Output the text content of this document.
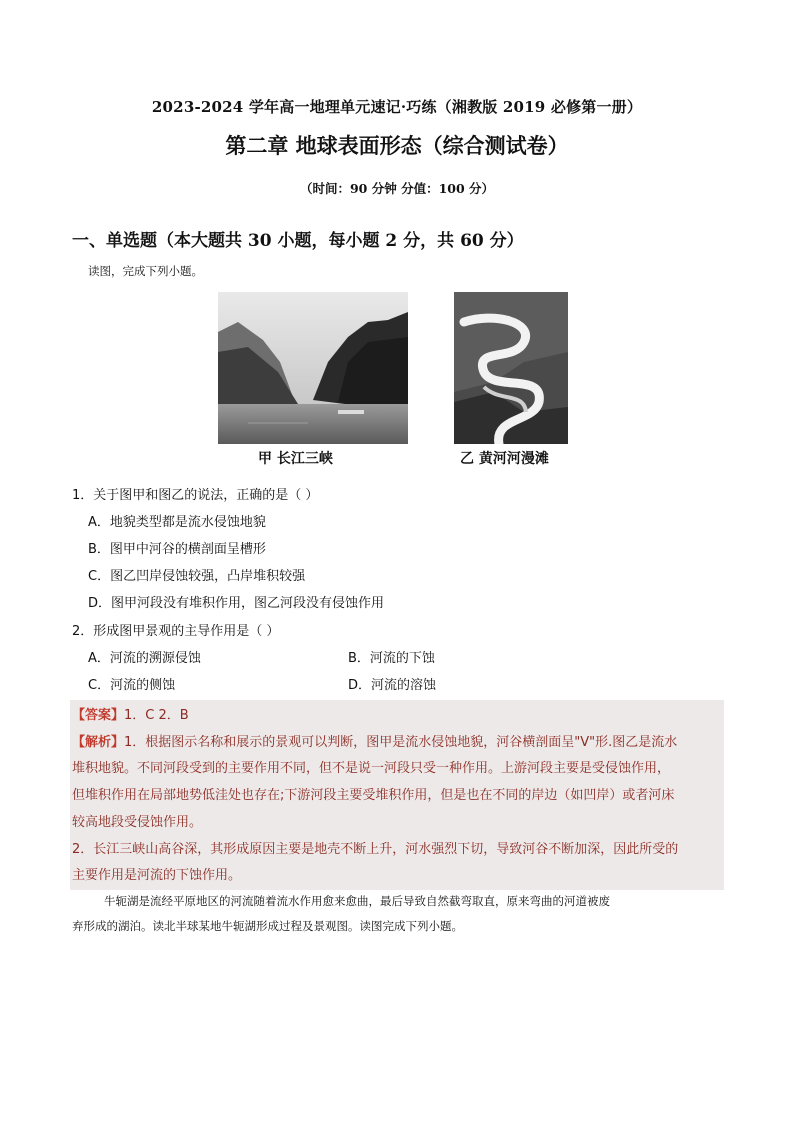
2023-2024 学年高一地理单元速记·巧练（湘教版 2019 必修第一册）
第二章 地球表面形态（综合测试卷）
（时间：90 分钟 分值：100 分）
一、单选题（本大题共 30 小题，每小题 2 分，共 60 分）
读图，完成下列小题。
甲 长江三峡	乙 黄河河漫滩
1．关于图甲和图乙的说法，正确的是（ ）
A．地貌类型都是流水侵蚀地貌
B．图甲中河谷的横剖面呈槽形
C．图乙凹岸侵蚀较强，凸岸堆积较强
D．图甲河段没有堆积作用，图乙河段没有侵蚀作用
2．形成图甲景观的主导作用是（ ）
A．河流的溯源侵蚀	B．河流的下蚀
C．河流的侧蚀	D．河流的溶蚀
【答案】1．C 2．B
【解析】1．根据图示名称和展示的景观可以判断，图甲是流水侵蚀地貌，河谷横剖面呈"V"形.图乙是流水
堆积地貌。不同河段受到的主要作用不同，但不是说一河段只受一种作用。上游河段主要是受侵蚀作用，
但堆积作用在局部地势低洼处也存在;下游河段主要受堆积作用，但是也在不同的岸边（如凹岸）或者河床
较高地段受侵蚀作用。
2．长江三峡山高谷深，其形成原因主要是地壳不断上升，河水强烈下切，导致河谷不断加深，因此所受的
主要作用是河流的下蚀作用。
牛轭湖是流经平原地区的河流随着流水作用愈来愈曲，最后导致自然截弯取直，原来弯曲的河道被废
弃形成的湖泊。读北半球某地牛轭湖形成过程及景观图。读图完成下列小题。
